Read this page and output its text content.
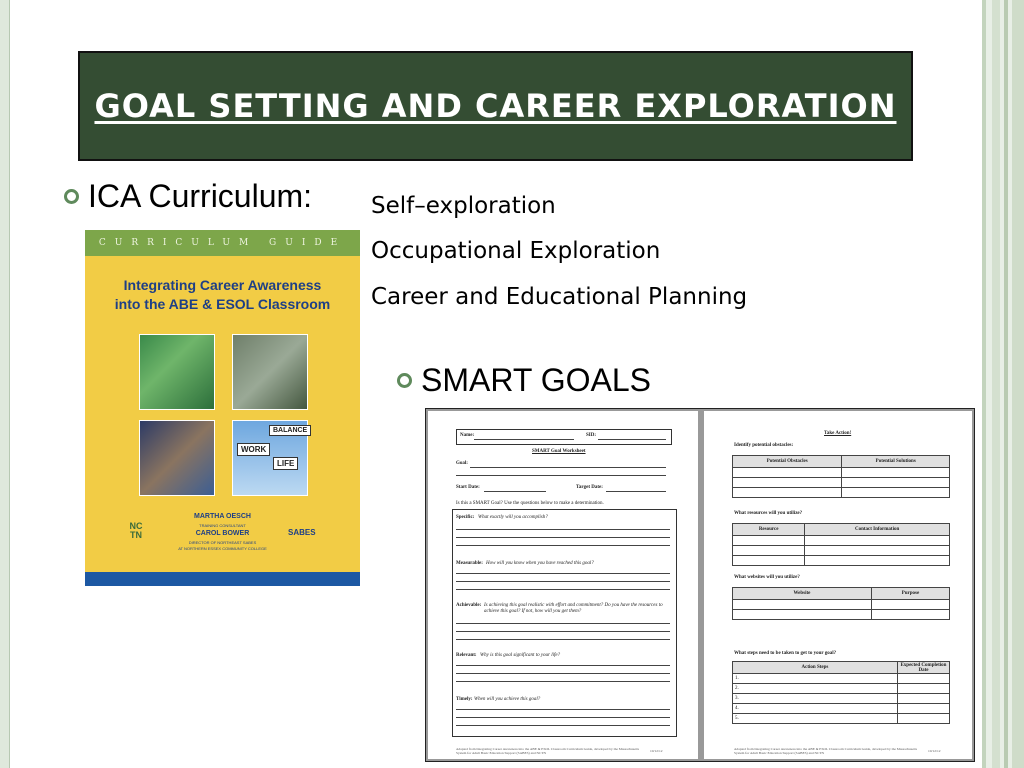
GOAL SETTING AND CAREER EXPLORATION
ICA Curriculum:	Self–exploration
Occupational Exploration
Career and Educational Planning
SMART GOALS
CURRICULUM GUIDE
Integrating Career Awareness
into the ABE & ESOL Classroom
WORK
LIFE
BALANCE
MARTHA OESCH
TRAINING CONSULTANT
CAROL BOWER
DIRECTOR OF NORTHEAST SABES
AT NORTHERN ESSEX COMMUNITY COLLEGE
NC TN	SABES
Name:	SID:
SMART Goal Worksheet
Goal:
Start Date:	Target Date:
Is this a SMART Goal? Use the questions below to make a determination.
Specific: What exactly will you accomplish?
Measurable: How will you know when you have reached this goal?
Achievable: Is achieving this goal realistic with effort and commitment? Do you have the resources to achieve this goal? If not, how will you get them?
Relevant: Why is this goal significant to your life?
Timely: When will you achieve this goal?
Adapted from Integrating Career Awareness into the ABE & ESOL Classroom Curriculum Guide, developed by the Massachusetts System for Adult Basic Education Support (SABES) and NCTN	10/12/12
Take Action!
Identify potential obstacles:
Potential Obstacles	Potential Solutions

What resources will you utilize?
Resource	Contact Information

What websites will you utilize?
Website	Purpose

What steps need to be taken to get to your goal?
Action Steps	Expected Completion Date
1.	
2.	
3.	
4.	
5.	
Adapted from Integrating Career Awareness into the ABE & ESOL Classroom Curriculum Guide, developed by the Massachusetts System for Adult Basic Education Support (SABES) and NCTN	10/12/12
